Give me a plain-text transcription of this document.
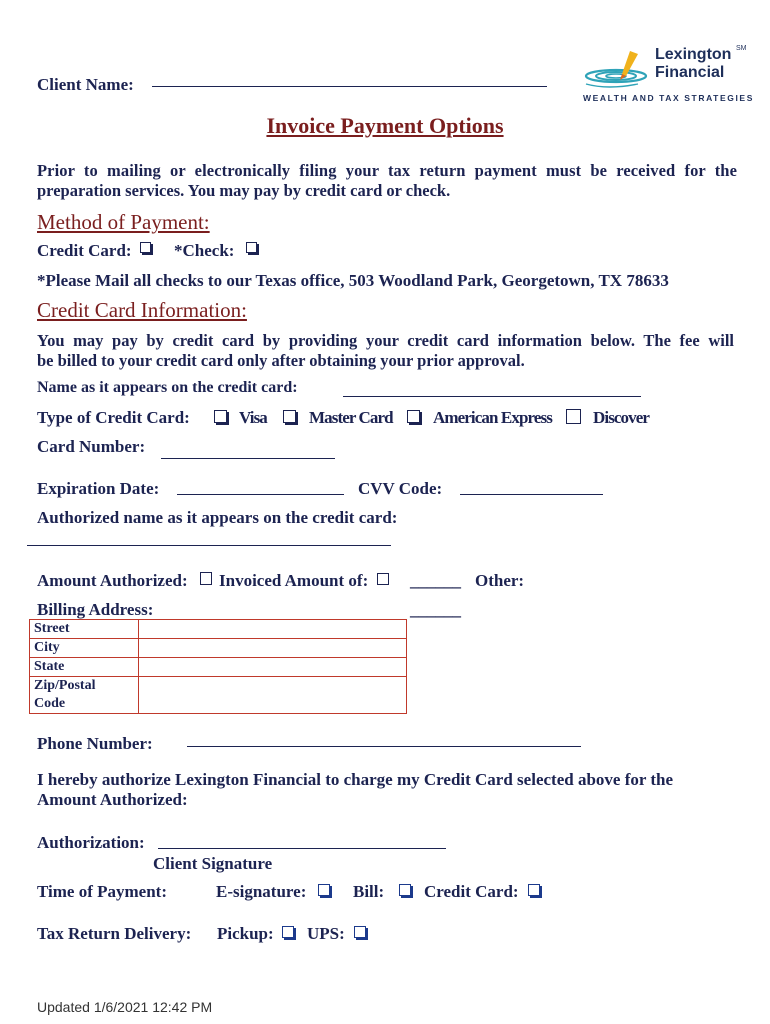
Client Name:
Lexington SM
Financial
WEALTH AND TAX STRATEGIES
Invoice Payment Options
Prior to mailing or electronically filing your tax return payment must be received for the
preparation services. You may pay by credit card or check.
Method of Payment:
Credit Card: *Check:
*Please Mail all checks to our Texas office, 503 Woodland Park, Georgetown, TX 78633
Credit Card Information:
You may pay by credit card by providing your credit card information below. The fee will
be billed to your credit card only after obtaining your prior approval.
Name as it appears on the credit card:
Type of Credit Card:	Visa Master Card American Express Discover
Card Number:
Expiration Date:	CVV Code:
Authorized name as it appears on the credit card:
Amount Authorized: Invoiced Amount of: ______ Other:
Billing Address:	______
Street	
City	
State	

Zip/Postal
Code	

Phone Number:
I hereby authorize Lexington Financial to charge my Credit Card selected above for the
Amount Authorized:
Authorization:
Client Signature
Time of Payment:	E-signature:	Bill: Credit Card:
Tax Return Delivery: Pickup: UPS:
Updated 1/6/2021 12:42 PM
